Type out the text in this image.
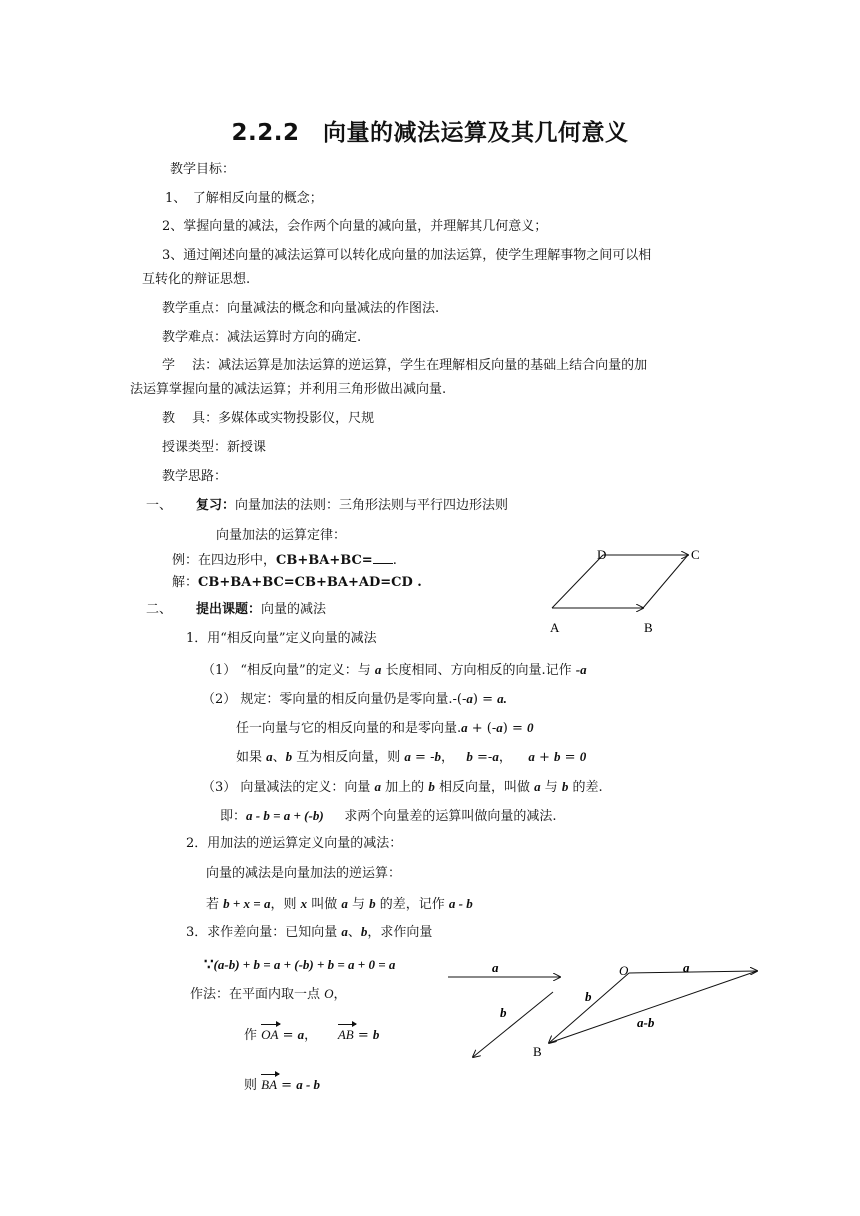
2.2.2　向量的减法运算及其几何意义
教学目标：
1、　了解相反向量的概念；
2、掌握向量的减法，会作两个向量的减向量，并理解其几何意义；
3、通过阐述向量的减法运算可以转化成向量的加法运算，使学生理解事物之间可以相
互转化的辩证思想.
教学重点：向量减法的概念和向量减法的作图法.
教学难点：减法运算时方向的确定.
学　 法：减法运算是加法运算的逆运算，学生在理解相反向量的基础上结合向量的加
法运算掌握向量的减法运算；并利用三角形做出减向量.
教　 具：多媒体或实物投影仪，尺规
授课类型：新授课
教学思路：
一、 复习：向量加法的法则：三角形法则与平行四边形法则
向量加法的运算定律：
例：在四边形中，CB+BA+BC= .
解：CB+BA+BC=CB+BA+AD=CD .
D	C
A	B
二、 提出课题：向量的减法
1．用“相反向量”定义向量的减法
（1） “相反向量”的定义：与 a 长度相同、方向相反的向量.记作 -a
（2） 规定：零向量的相反向量仍是零向量.-(-a) = a.
任一向量与它的相反向量的和是零向量.a + (-a) = 0
如果 a、b 互为相反向量，则 a = -b，   b =-a，    a + b = 0
（3） 向量减法的定义：向量 a 加上的 b 相反向量，叫做 a 与 b 的差.
即：a - b = a + (-b)     求两个向量差的运算叫做向量的减法.
2．用加法的逆运算定义向量的减法：
向量的减法是向量加法的逆运算：
若 b + x = a，则 x 叫做 a 与 b 的差，记作 a - b
3．求作差向量：已知向量 a、b，求作向量
∵(a-b) + b = a + (-b) + b = a + 0 = a
作法：在平面内取一点 O，
作 OA = a，     AB = b
则 BA = a - b
a
b
O	a
b
a-b
B
